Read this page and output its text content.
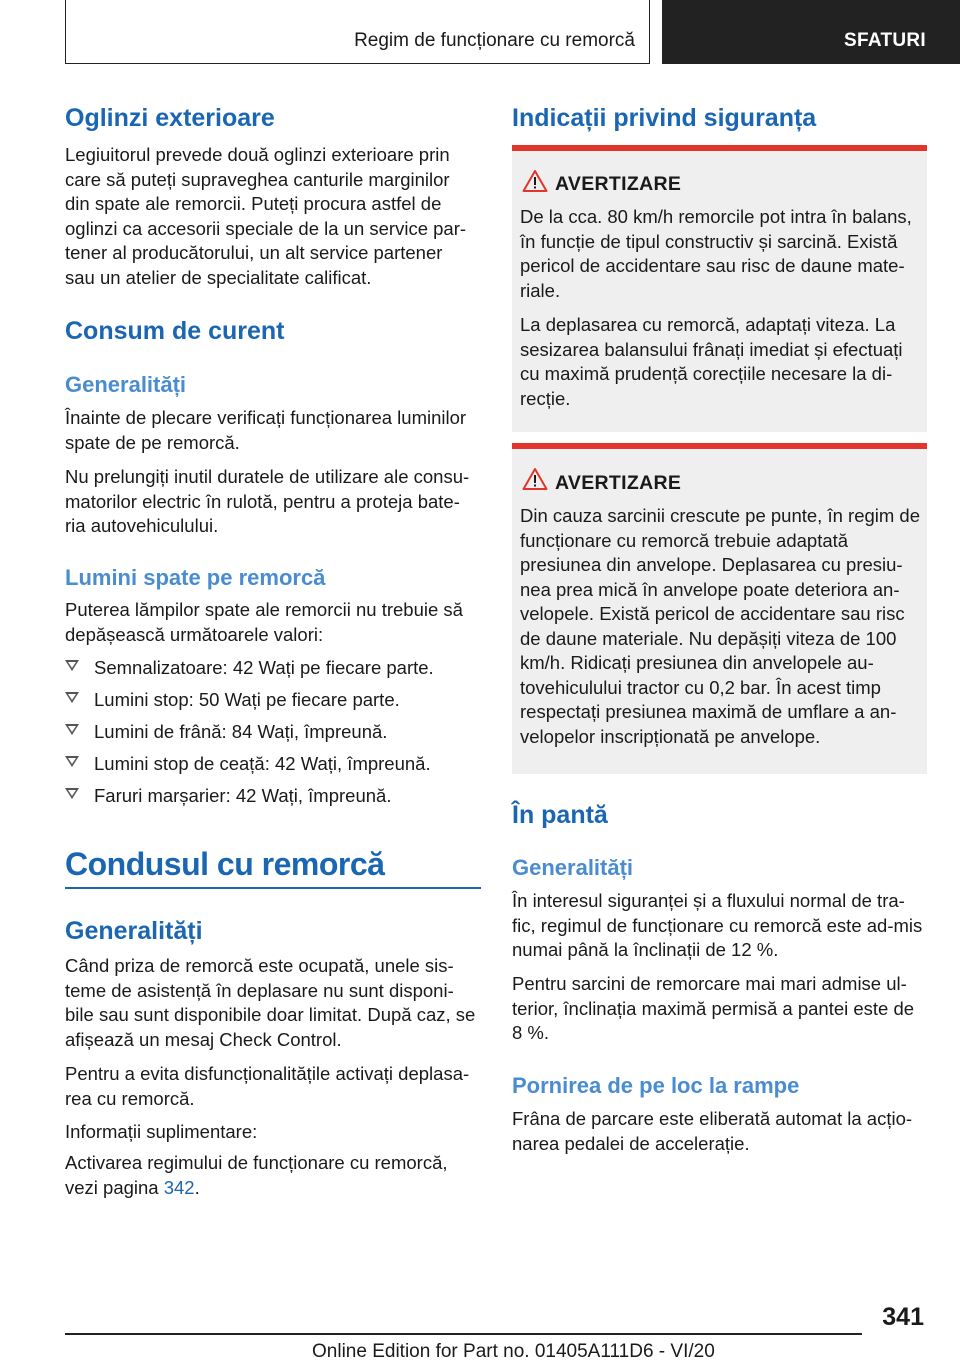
Regim de funcționare cu remorcă	SFATURI
Oglinzi exterioare

Legiuitorul prevede două oglinzi exterioare prin care să puteți supraveghea canturile marginilor din spate ale remorcii. Puteți procura astfel de oglinzi ca accesorii speciale de la un service par-tener al producătorului, un alt service partener sau un atelier de specialitate calificat.

Consum de curent
Generalități

Înainte de plecare verificați funcționarea luminilor spate de pe remorcă.

Nu prelungiți inutil duratele de utilizare ale consu-matorilor electric în rulotă, pentru a proteja bate-ria autovehiculului.

Lumini spate pe remorcă

Puterea lămpilor spate ale remorcii nu trebuie să depășească următoarele valori:

Semnalizatoare: 42 Wați pe fiecare parte.

Lumini stop: 50 Wați pe fiecare parte.

Lumini de frână: 84 Wați, împreună.

Lumini stop de ceață: 42 Wați, împreună.

Faruri marșarier: 42 Wați, împreună.

Condusul cu remorcă
Generalități

Când priza de remorcă este ocupată, unele sis-teme de asistență în deplasare nu sunt disponi-bile sau sunt disponibile doar limitat. După caz, se afișează un mesaj Check Control.

Pentru a evita disfuncționalitățile activați deplasa-rea cu remorcă.

Informații suplimentare:

Activarea regimului de funcționare cu remorcă, vezi pagina 342.

Indicații privind siguranța
AVERTIZARE

De la cca. 80 km/h remorcile pot intra în balans, în funcție de tipul constructiv și sarcină. Există pericol de accidentare sau risc de daune mate-riale.

La deplasarea cu remorcă, adaptați viteza. La sesizarea balansului frânați imediat și efectuați cu maximă prudență corecțiile necesare la di-recție.

AVERTIZARE

Din cauza sarcinii crescute pe punte, în regim de funcționare cu remorcă trebuie adaptată presiunea din anvelope. Deplasarea cu presiu-nea prea mică în anvelope poate deteriora an-velopele. Există pericol de accidentare sau risc de daune materiale. Nu depășiți viteza de 100 km/h. Ridicați presiunea din anvelopele au-tovehiculului tractor cu 0,2 bar. În acest timp respectați presiunea maximă de umflare a an-velopelor inscripționată pe anvelope.

În pantă
Generalități

În interesul siguranței și a fluxului normal de tra-fic, regimul de funcționare cu remorcă este ad-mis numai până la înclinații de 12 %.

Pentru sarcini de remorcare mai mari admise ul-terior, înclinația maximă permisă a pantei este de 8 %.

Pornirea de pe loc la rampe

Frâna de parcare este eliberată automat la acțio-narea pedalei de accelerație.

341
Online Edition for Part no. 01405A111D6 - VI/20
